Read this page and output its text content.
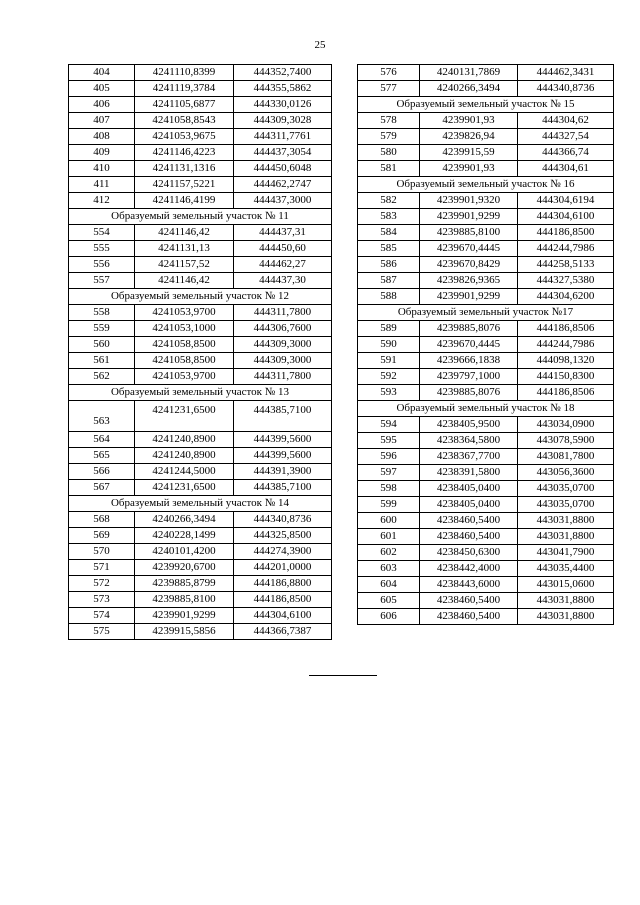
25
404	4241110,8399	444352,7400
405	4241119,3784	444355,5862
406	4241105,6877	444330,0126
407	4241058,8543	444309,3028
408	4241053,9675	444311,7761
409	4241146,4223	444437,3054
410	4241131,1316	444450,6048
411	4241157,5221	444462,2747
412	4241146,4199	444437,3000
Образуемый земельный участок № 11		
554	4241146,42	444437,31
555	4241131,13	444450,60
556	4241157,52	444462,27
557	4241146,42	444437,30
Образуемый земельный участок № 12		
558	4241053,9700	444311,7800
559	4241053,1000	444306,7600
560	4241058,8500	444309,3000
561	4241058,8500	444309,3000
562	4241053,9700	444311,7800
Образуемый земельный участок № 13		
563	4241231,6500	444385,7100
564	4241240,8900	444399,5600
565	4241240,8900	444399,5600
566	4241244,5000	444391,3900
567	4241231,6500	444385,7100
Образуемый земельный участок № 14		
568	4240266,3494	444340,8736
569	4240228,1499	444325,8500
570	4240101,4200	444274,3900
571	4239920,6700	444201,0000
572	4239885,8799	444186,8800
573	4239885,8100	444186,8500
574	4239901,9299	444304,6100
575	4239915,5856	444366,7387
576	4240131,7869	444462,3431
577	4240266,3494	444340,8736
Образуемый земельный участок № 15		
578	4239901,93	444304,62
579	4239826,94	444327,54
580	4239915,59	444366,74
581	4239901,93	444304,61
Образуемый земельный участок № 16		
582	4239901,9320	444304,6194
583	4239901,9299	444304,6100
584	4239885,8100	444186,8500
585	4239670,4445	444244,7986
586	4239670,8429	444258,5133
587	4239826,9365	444327,5380
588	4239901,9299	444304,6200
Образуемый земельный участок №17		
589	4239885,8076	444186,8506
590	4239670,4445	444244,7986
591	4239666,1838	444098,1320
592	4239797,1000	444150,8300
593	4239885,8076	444186,8506
Образуемый земельный участок № 18		
594	4238405,9500	443034,0900
595	4238364,5800	443078,5900
596	4238367,7700	443081,7800
597	4238391,5800	443056,3600
598	4238405,0400	443035,0700
599	4238405,0400	443035,0700
600	4238460,5400	443031,8800
601	4238460,5400	443031,8800
602	4238450,6300	443041,7900
603	4238442,4000	443035,4400
604	4238443,6000	443015,0600
605	4238460,5400	443031,8800
606	4238460,5400	443031,8800
